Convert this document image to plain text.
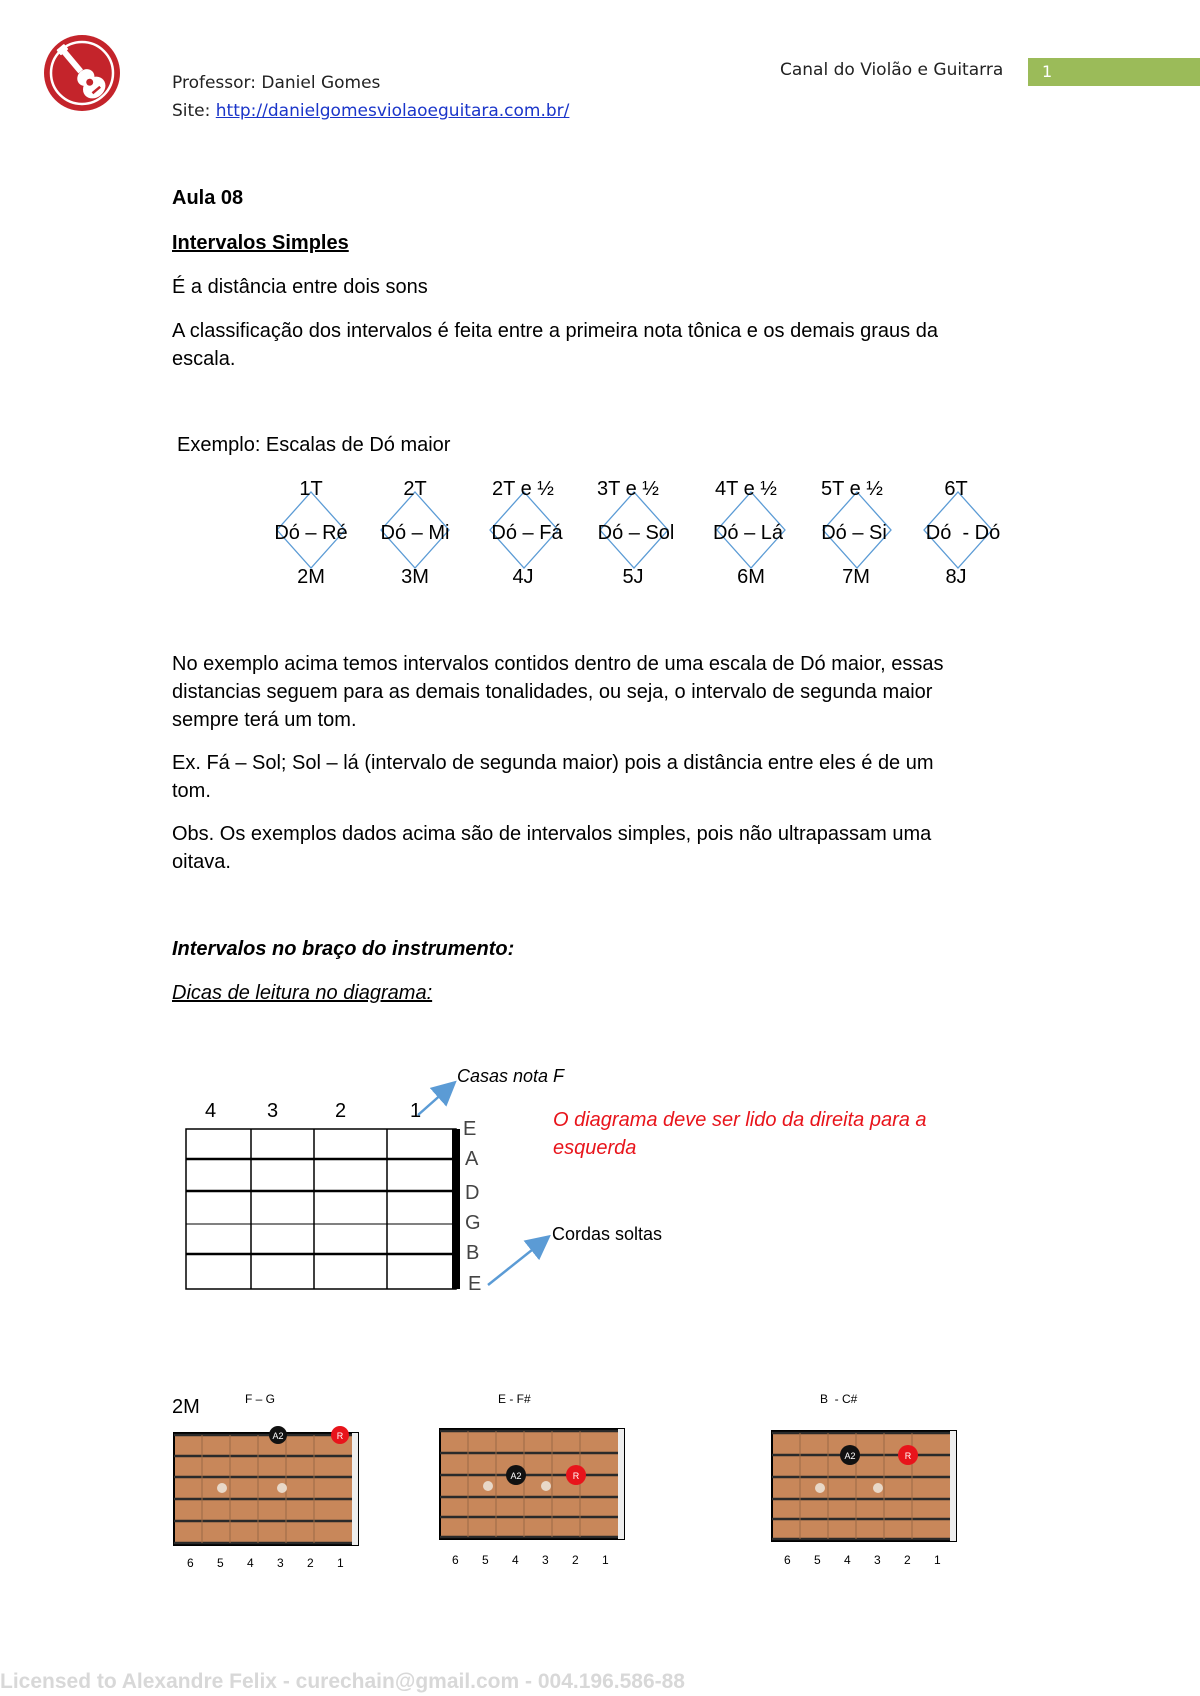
Professor: Daniel Gomes
Site: http://danielgomesviolaoeguitara.com.br/
Canal do Violão e Guitarra	1
Aula 08
Intervalos Simples
É a distância entre dois sons
A classificação dos intervalos é feita entre a primeira nota tônica e os demais graus da
escala.
Exemplo: Escalas de Dó maior
1T
Dó – Ré
2M
2T
Dó – Mi
3M
2T e ½
Dó – Fá
4J
3T e ½
Dó – Sol
5J
4T e ½
Dó – Lá
6M
5T e ½
Dó – Si
7M
6T
Dó  - Dó
8J
No exemplo acima temos intervalos contidos dentro de uma escala de Dó maior, essas
distancias seguem para as demais tonalidades, ou seja, o intervalo de segunda maior
sempre terá um tom.
Ex. Fá – Sol; Sol – lá (intervalo de segunda maior) pois a distância entre eles é de um
tom.
Obs. Os exemplos dados acima são de intervalos simples, pois não ultrapassam uma
oitava.
Intervalos no braço do instrumento:
Dicas de leitura no diagrama:
4	3	2	1
E
A
D
G
B
E
Casas nota F
O diagrama deve ser lido da direita para a
esquerda
Cordas soltas
2M	F – G	E - F#	B  - C#
A2	R
6 5 4 3 2 1
A2	R
6 5 4 3 2 1
A2	R
6 5 4 3 2 1
Licensed to Alexandre Felix - curechain@gmail.com - 004.196.586-88
